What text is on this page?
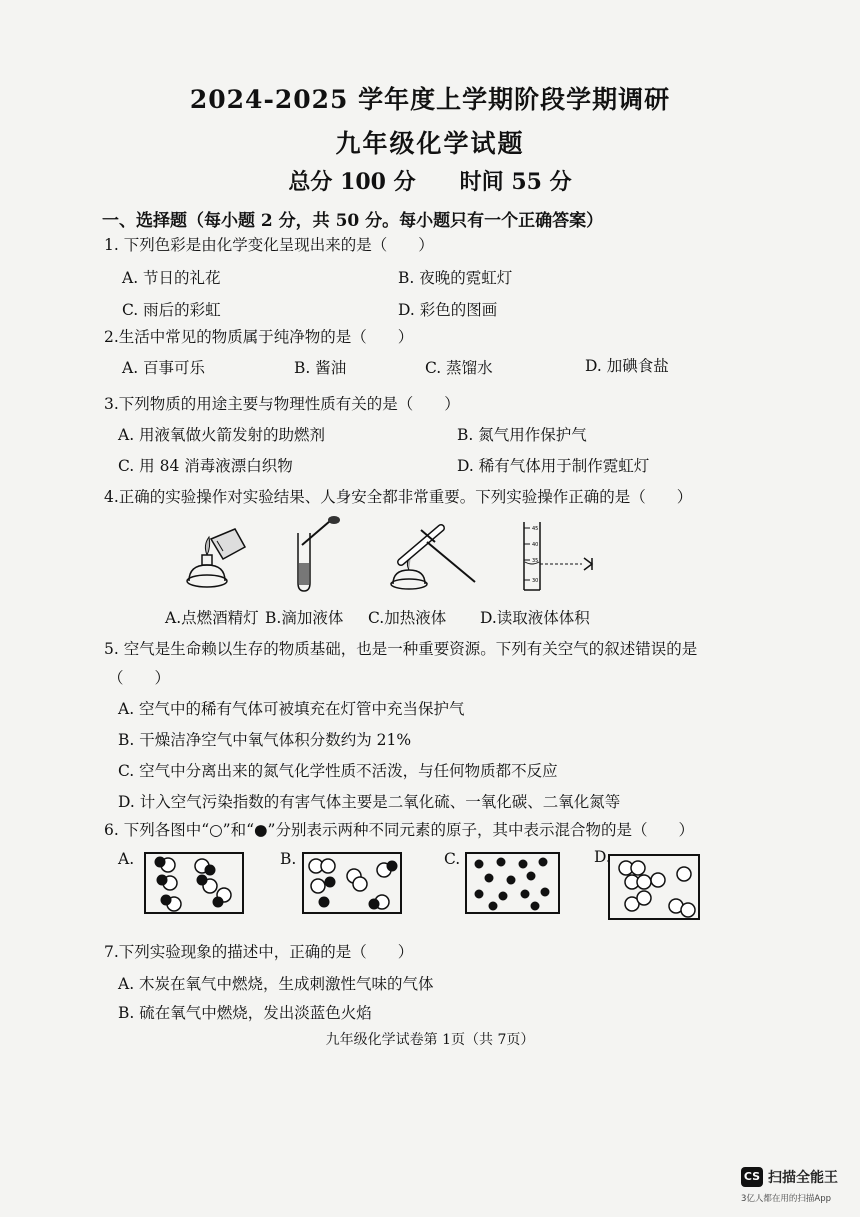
2024-2025 学年度上学期阶段学期调研
九年级化学试题
总分 100 分 时间 55 分
一、选择题（每小题 2 分，共 50 分。每小题只有一个正确答案）
1. 下列色彩是由化学变化呈现出来的是（　　）
A. 节日的礼花	B. 夜晚的霓虹灯
C. 雨后的彩虹	D. 彩色的图画
2.生活中常见的物质属于纯净物的是（　　）
A. 百事可乐	B. 酱油	C. 蒸馏水	D. 加碘食盐
3.下列物质的用途主要与物理性质有关的是（　　）
A. 用液氧做火箭发射的助燃剂	B. 氮气用作保护气
C. 用 84 消毒液漂白织物	D. 稀有气体用于制作霓虹灯
4.正确的实验操作对实验结果、人身安全都非常重要。下列实验操作正确的是（　　）
45
40
35
30
A.点燃酒精灯 B.滴加液体 C.加热液体 D.读取液体体积
5. 空气是生命赖以生存的物质基础，也是一种重要资源。下列有关空气的叙述错误的是
（　　）
A. 空气中的稀有气体可被填充在灯管中充当保护气
B. 干燥洁净空气中氧气体积分数约为 21%
C. 空气中分离出来的氮气化学性质不活泼，与任何物质都不反应
D. 计入空气污染指数的有害气体主要是二氧化硫、一氧化碳、二氧化氮等
6. 下列各图中“○”和“●”分别表示两种不同元素的原子，其中表示混合物的是（　　）
A.	B.	C.	D.
7.下列实验现象的描述中，正确的是（　　）
A. 木炭在氧气中燃烧，生成刺激性气味的气体
B. 硫在氧气中燃烧，发出淡蓝色火焰
九年级化学试卷第 1页（共 7页）
CS 扫描全能王
3亿人都在用的扫描App
